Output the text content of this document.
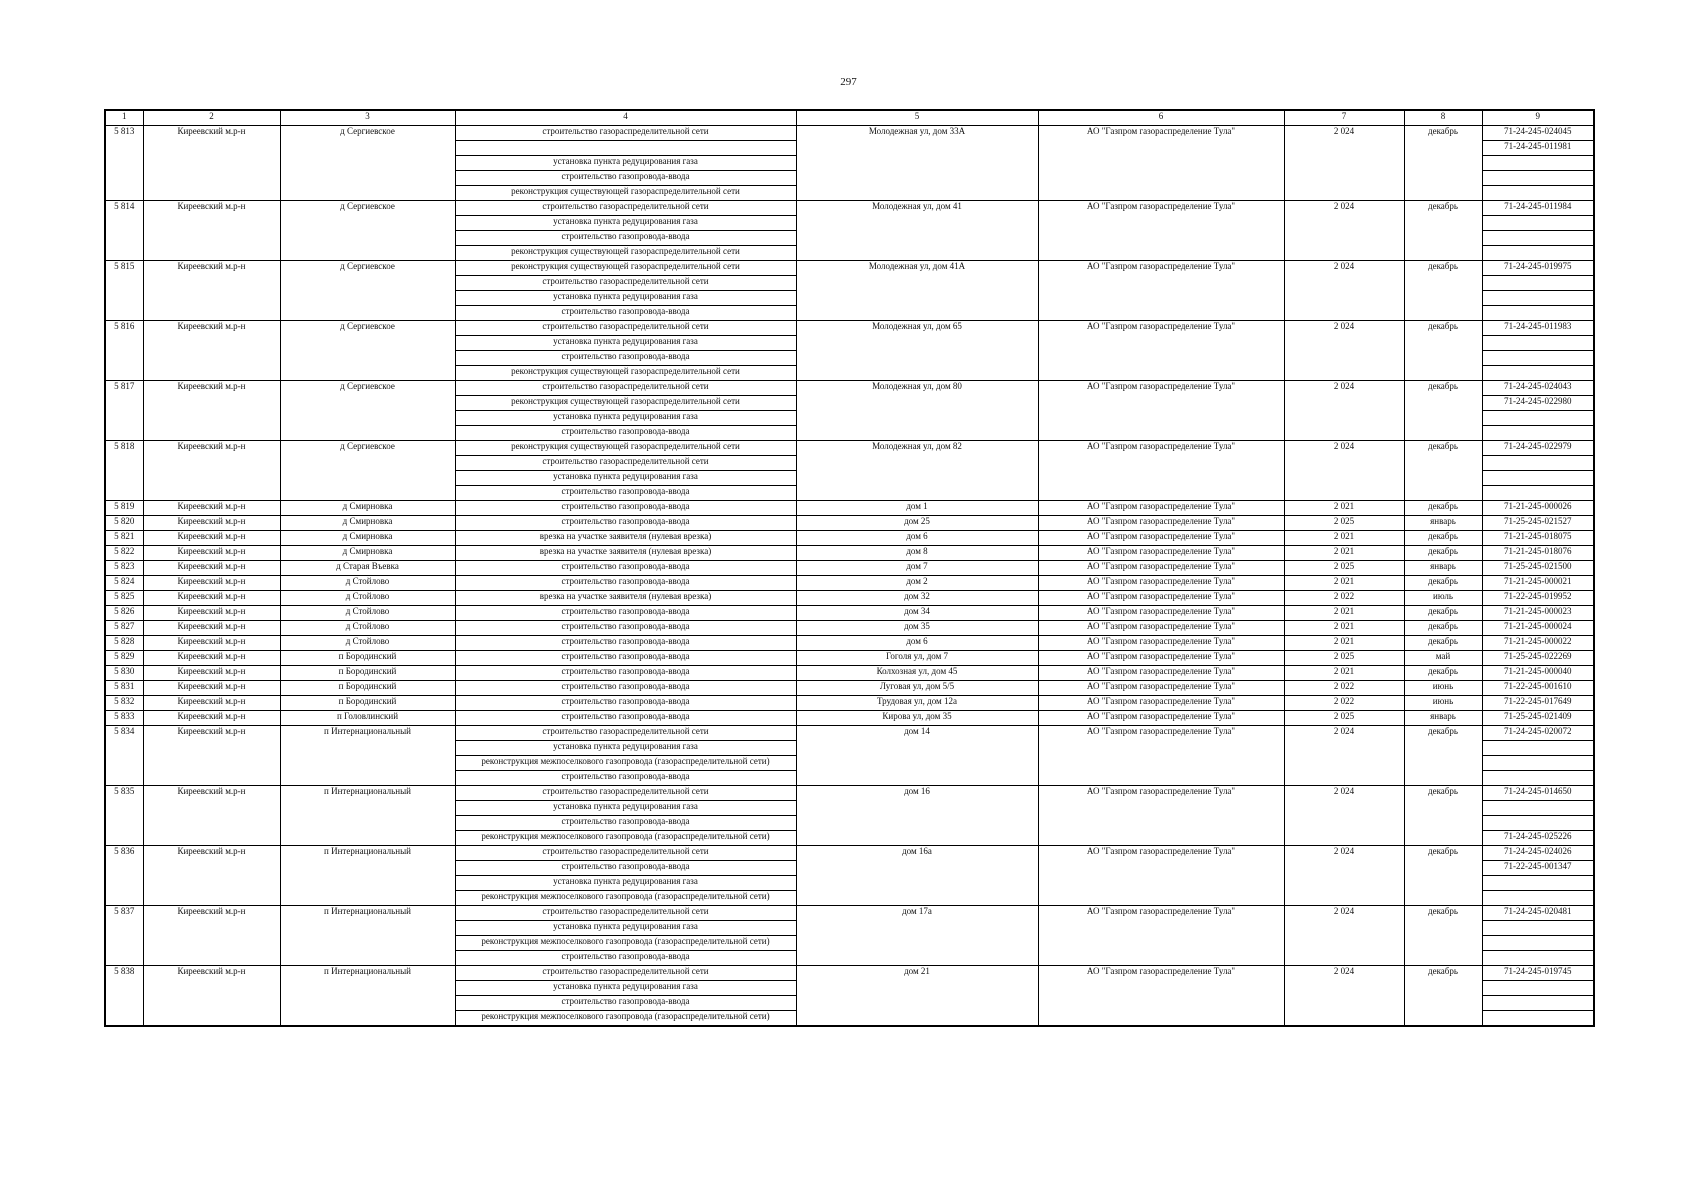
297
1	2	3	4	5	6	7	8	9
5 813	Киреевский м.р-н	д Сергиевское	строительство газораспределительной сети	Молодежная ул, дом 33А	АО "Газпром газораспределение Тула"	2 024	декабрь	71-24-245-024045
								71-24-245-011981
			установка пункта редуцирования газа					
			строительство газопровода-ввода					
			реконструкция существующей газораспределительной сети					
5 814	Киреевский м.р-н	д Сергиевское	строительство газораспределительной сети	Молодежная ул, дом 41	АО "Газпром газораспределение Тула"	2 024	декабрь	71-24-245-011984
			установка пункта редуцирования газа					
			строительство газопровода-ввода					
			реконструкция существующей газораспределительной сети					
5 815	Киреевский м.р-н	д Сергиевское	реконструкция существующей газораспределительной сети	Молодежная ул, дом 41А	АО "Газпром газораспределение Тула"	2 024	декабрь	71-24-245-019975
			строительство газораспределительной сети					
			установка пункта редуцирования газа					
			строительство газопровода-ввода					
5 816	Киреевский м.р-н	д Сергиевское	строительство газораспределительной сети	Молодежная ул, дом 65	АО "Газпром газораспределение Тула"	2 024	декабрь	71-24-245-011983
			установка пункта редуцирования газа					
			строительство газопровода-ввода					
			реконструкция существующей газораспределительной сети					
5 817	Киреевский м.р-н	д Сергиевское	строительство газораспределительной сети	Молодежная ул, дом 80	АО "Газпром газораспределение Тула"	2 024	декабрь	71-24-245-024043
			реконструкция существующей газораспределительной сети					71-24-245-022980
			установка пункта редуцирования газа					
			строительство газопровода-ввода					
5 818	Киреевский м.р-н	д Сергиевское	реконструкция существующей газораспределительной сети	Молодежная ул, дом 82	АО "Газпром газораспределение Тула"	2 024	декабрь	71-24-245-022979
			строительство газораспределительной сети					
			установка пункта редуцирования газа					
			строительство газопровода-ввода					
5 819	Киреевский м.р-н	д Смирновка	строительство газопровода-ввода	дом 1	АО "Газпром газораспределение Тула"	2 021	декабрь	71-21-245-000026
5 820	Киреевский м.р-н	д Смирновка	строительство газопровода-ввода	дом 25	АО "Газпром газораспределение Тула"	2 025	январь	71-25-245-021527
5 821	Киреевский м.р-н	д Смирновка	врезка на участке заявителя (нулевая врезка)	дом 6	АО "Газпром газораспределение Тула"	2 021	декабрь	71-21-245-018075
5 822	Киреевский м.р-н	д Смирновка	врезка на участке заявителя (нулевая врезка)	дом 8	АО "Газпром газораспределение Тула"	2 021	декабрь	71-21-245-018076
5 823	Киреевский м.р-н	д Старая Въевка	строительство газопровода-ввода	дом 7	АО "Газпром газораспределение Тула"	2 025	январь	71-25-245-021500
5 824	Киреевский м.р-н	д Стойлово	строительство газопровода-ввода	дом 2	АО "Газпром газораспределение Тула"	2 021	декабрь	71-21-245-000021
5 825	Киреевский м.р-н	д Стойлово	врезка на участке заявителя (нулевая врезка)	дом 32	АО "Газпром газораспределение Тула"	2 022	июль	71-22-245-019952
5 826	Киреевский м.р-н	д Стойлово	строительство газопровода-ввода	дом 34	АО "Газпром газораспределение Тула"	2 021	декабрь	71-21-245-000023
5 827	Киреевский м.р-н	д Стойлово	строительство газопровода-ввода	дом 35	АО "Газпром газораспределение Тула"	2 021	декабрь	71-21-245-000024
5 828	Киреевский м.р-н	д Стойлово	строительство газопровода-ввода	дом 6	АО "Газпром газораспределение Тула"	2 021	декабрь	71-21-245-000022
5 829	Киреевский м.р-н	п Бородинский	строительство газопровода-ввода	Гоголя ул, дом 7	АО "Газпром газораспределение Тула"	2 025	май	71-25-245-022269
5 830	Киреевский м.р-н	п Бородинский	строительство газопровода-ввода	Колхозная ул, дом 45	АО "Газпром газораспределение Тула"	2 021	декабрь	71-21-245-000040
5 831	Киреевский м.р-н	п Бородинский	строительство газопровода-ввода	Луговая ул, дом 5/5	АО "Газпром газораспределение Тула"	2 022	июнь	71-22-245-001610
5 832	Киреевский м.р-н	п Бородинский	строительство газопровода-ввода	Трудовая ул, дом 12а	АО "Газпром газораспределение Тула"	2 022	июнь	71-22-245-017649
5 833	Киреевский м.р-н	п Головлинский	строительство газопровода-ввода	Кирова ул, дом 35	АО "Газпром газораспределение Тула"	2 025	январь	71-25-245-021409
5 834	Киреевский м.р-н	п Интернациональный	строительство газораспределительной сети	дом 14	АО "Газпром газораспределение Тула"	2 024	декабрь	71-24-245-020072
			установка пункта редуцирования газа					
			реконструкция межпоселкового газопровода (газораспределительной сети)					
			строительство газопровода-ввода					
5 835	Киреевский м.р-н	п Интернациональный	строительство газораспределительной сети	дом 16	АО "Газпром газораспределение Тула"	2 024	декабрь	71-24-245-014650
			установка пункта редуцирования газа					
			строительство газопровода-ввода					
			реконструкция межпоселкового газопровода (газораспределительной сети)					71-24-245-025226
5 836	Киреевский м.р-н	п Интернациональный	строительство газораспределительной сети	дом 16а	АО "Газпром газораспределение Тула"	2 024	декабрь	71-24-245-024026
			строительство газопровода-ввода					71-22-245-001347
			установка пункта редуцирования газа					
			реконструкция межпоселкового газопровода (газораспределительной сети)					
5 837	Киреевский м.р-н	п Интернациональный	строительство газораспределительной сети	дом 17а	АО "Газпром газораспределение Тула"	2 024	декабрь	71-24-245-020481
			установка пункта редуцирования газа					
			реконструкция межпоселкового газопровода (газораспределительной сети)					
			строительство газопровода-ввода					
5 838	Киреевский м.р-н	п Интернациональный	строительство газораспределительной сети	дом 21	АО "Газпром газораспределение Тула"	2 024	декабрь	71-24-245-019745
			установка пункта редуцирования газа					
			строительство газопровода-ввода					
			реконструкция межпоселкового газопровода (газораспределительной сети)					
